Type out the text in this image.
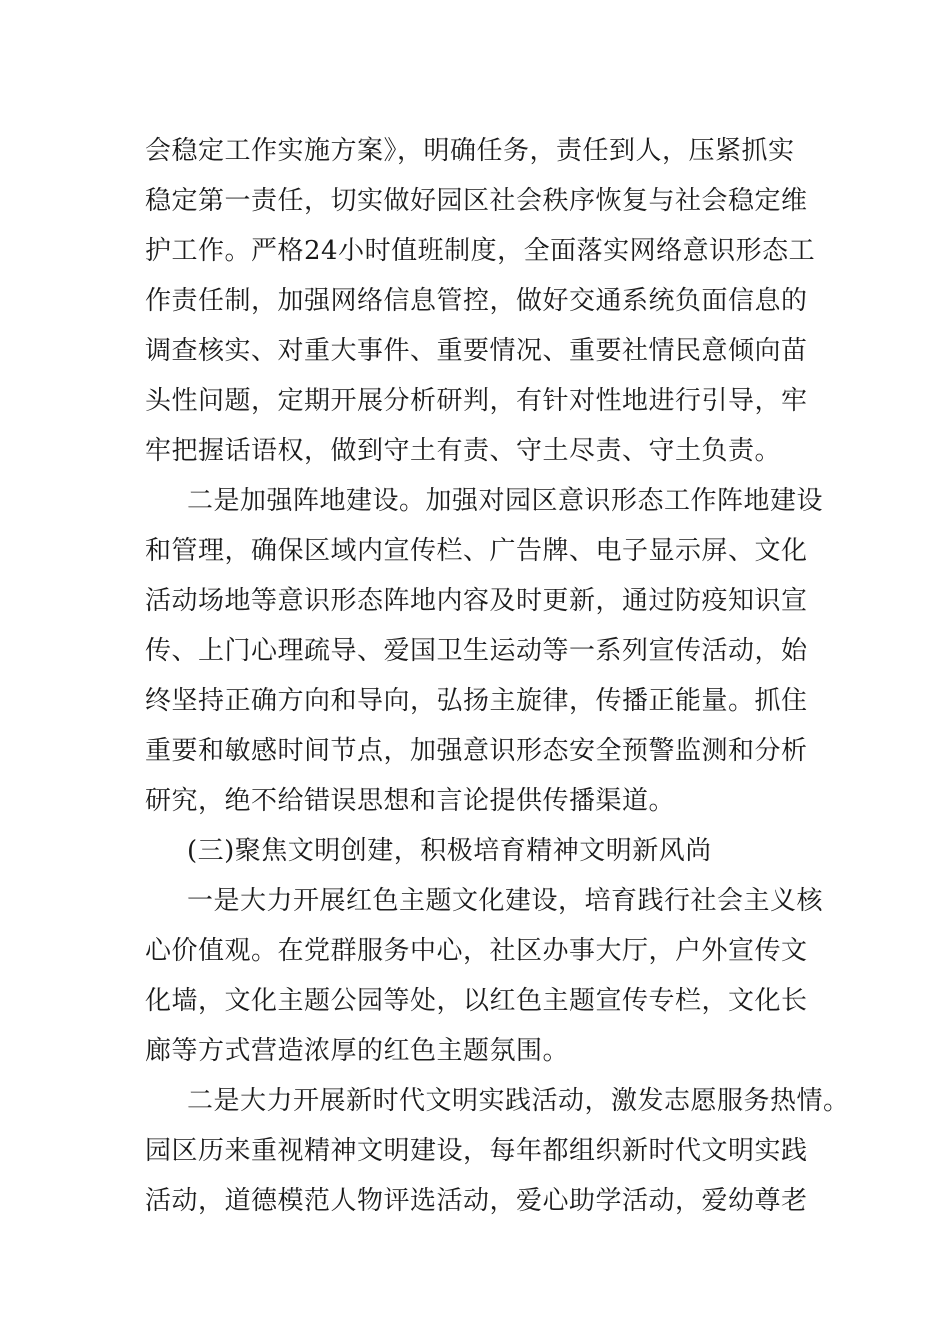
会稳定工作实施方案》，明确任务，责任到人，压紧抓实
稳定第一责任，切实做好园区社会秩序恢复与社会稳定维
护工作。严格24小时值班制度，全面落实网络意识形态工
作责任制，加强网络信息管控，做好交通系统负面信息的
调查核实、对重大事件、重要情况、重要社情民意倾向苗
头性问题，定期开展分析研判，有针对性地进行引导，牢
牢把握话语权，做到守土有责、守土尽责、守土负责。
二是加强阵地建设。加强对园区意识形态工作阵地建设
和管理，确保区域内宣传栏、广告牌、电子显示屏、文化
活动场地等意识形态阵地内容及时更新，通过防疫知识宣
传、上门心理疏导、爱国卫生运动等一系列宣传活动，始
终坚持正确方向和导向，弘扬主旋律，传播正能量。抓住
重要和敏感时间节点，加强意识形态安全预警监测和分析
研究，绝不给错误思想和言论提供传播渠道。
(三)聚焦文明创建，积极培育精神文明新风尚
一是大力开展红色主题文化建设，培育践行社会主义核
心价值观。在党群服务中心，社区办事大厅，户外宣传文
化墙，文化主题公园等处，以红色主题宣传专栏，文化长
廊等方式营造浓厚的红色主题氛围。
二是大力开展新时代文明实践活动，激发志愿服务热情。
园区历来重视精神文明建设，每年都组织新时代文明实践
活动，道德模范人物评选活动，爱心助学活动，爱幼尊老
